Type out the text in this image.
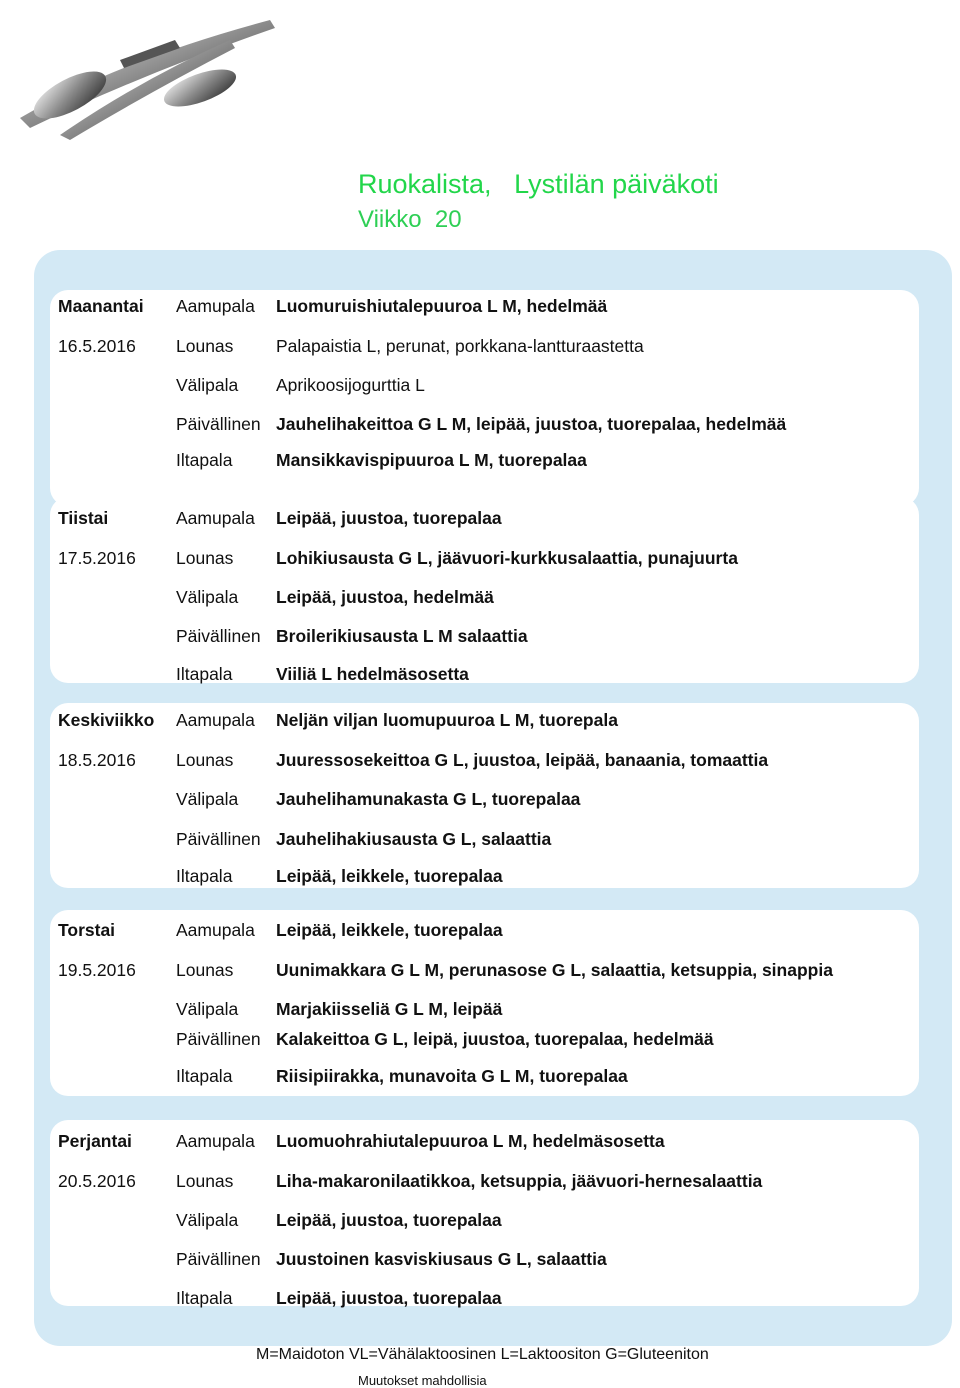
Ruokalista,   Lystilän päiväkoti
Viikko  20
Maanantai Aamupala Luomuruishiutalepuuroa L M, hedelmää
16.5.2016 Lounas Palapaistia L, perunat, porkkana-lantturaastetta
Välipala Aprikoosijogurttia L
Päivällinen Jauhelihakeittoa G L M, leipää, juustoa, tuorepalaa, hedelmää
Iltapala Mansikkavispipuuroa L M, tuorepalaa
Tiistai	Aamupala Leipää, juustoa, tuorepalaa
17.5.2016 Lounas Lohikiusausta G L, jäävuori-kurkkusalaattia, punajuurta
Välipala Leipää, juustoa, hedelmää
Päivällinen Broilerikiusausta L M salaattia
Iltapala Viiliä L hedelmäsosetta
Keskiviikko Aamupala Neljän viljan luomupuuroa L M, tuorepala
18.5.2016 Lounas Juuressosekeittoa G L, juustoa, leipää, banaania, tomaattia
Välipala Jauhelihamunakasta G L, tuorepalaa
Päivällinen Jauhelihakiusausta G L, salaattia
Iltapala Leipää, leikkele, tuorepalaa
Torstai	Aamupala Leipää, leikkele, tuorepalaa
19.5.2016 Lounas Uunimakkara G L M, perunasose G L, salaattia, ketsuppia, sinappia
Välipala Marjakiisseliä G L M, leipää
Päivällinen Kalakeittoa G L, leipä, juustoa, tuorepalaa, hedelmää
Iltapala Riisipiirakka, munavoita G L M, tuorepalaa
Perjantai	Aamupala Luomuohrahiutalepuuroa L M, hedelmäsosetta
20.5.2016 Lounas Liha-makaronilaatikkoa, ketsuppia, jäävuori-hernesalaattia
Välipala Leipää, juustoa, tuorepalaa
Päivällinen Juustoinen kasviskiusaus G L, salaattia
Iltapala Leipää, juustoa, tuorepalaa
M=Maidoton VL=Vähälaktoosinen L=Laktoositon G=Gluteeniton
Muutokset mahdollisia
